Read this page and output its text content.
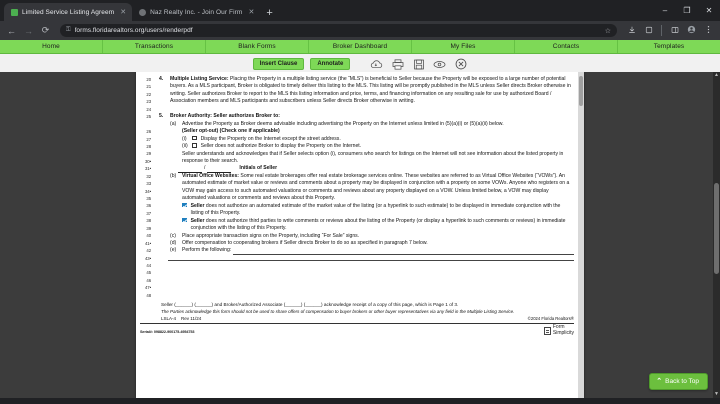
Limited Service Listing Agreem ✕	Naz Realty Inc. - Join Our Firm ✕	+	–	❐	✕
← → ⟳	⚿ forms.floridarealtors.org/users/renderpdf	☆
Home	Transactions	Blank Forms	Broker Dashboard	My Files	Contacts	Templates
Insert Clause	Annotate
20
21
22
23
24
25
26
27
28
29
30•
31•
32
33
34•
35
36
37
38
39
40
41•
42
43•
44
45
46
47•
48
4.	Multiple Listing Service: Placing the Property in a multiple listing service (the “MLS”) is beneficial to Seller because the Property will be exposed to a large number of potential buyers. As a MLS participant, Broker is obligated to timely deliver this listing to the MLS. This listing will be promptly published in the MLS unless Seller directs Broker otherwise in writing. Seller authorizes Broker to report to the MLS this listing information and price, terms, and financing information on any resulting sale for use by authorized Board / Association members and MLS participants and subscribers unless Seller directs Broker otherwise in writing.
5.	Broker Authority: Seller authorizes Broker to:
(a)	Advertise the Property as Broker deems advisable including advertising the Property on the Internet unless limited in (5)(a)(i) or (5)(a)(ii) below.
(Seller opt-out) (Check one if applicable)
(i)	Display the Property on the Internet except the street address.
(ii)	Seller does not authorize Broker to display the Property on the Internet.
Seller understands and acknowledges that if Seller selects option (i), consumers who search for listings on the Internet will not see information about the listed property in response to their search.
/	Initials of Seller
(b)	Virtual Office Websites: Some real estate brokerages offer real estate brokerage services online. These websites are referred to as Virtual Office Websites (“VOWs”). An automated estimate of market value or reviews and comments about a property may be displayed in conjunction with a property on some VOWs. Anyone who registers on a VOW may gain access to such automated valuations or comments and reviews about any property displayed on a VOW. Unless limited below, a VOW may display automated valuations or comments and reviews about this Property.
Seller does not authorize an automated estimate of the market value of the listing (or a hyperlink to such estimate) to be displayed in immediate conjunction with the listing of this Property.
Seller does not authorize third parties to write comments or reviews about the listing of the Property (or display a hyperlink to such comments or reviews) in immediate conjunction with the listing of this Property.
(c)	Place appropriate transaction signs on the Property, including “For Sale” signs.
(d)	Offer compensation to cooperating brokers if Seller directs Broker to do so as specified in paragraph 7 below.
(e)	Perform the following:
Seller (______) (______) and Broker/Authorized Associate (______) (______) acknowledge receipt of a copy of this page, which is Page 1 of 3.
The Parties acknowledge this form should not be used to share offers of compensation to buyer brokers or other buyer representatives via any field in the Multiple Listing Service.
LSLA-4 Rev 11/24	©2024 Florida Realtors®
Serial#: 098822-900175-4954753
Form
Simplicity
⌃ Back to Top
▲
▼
